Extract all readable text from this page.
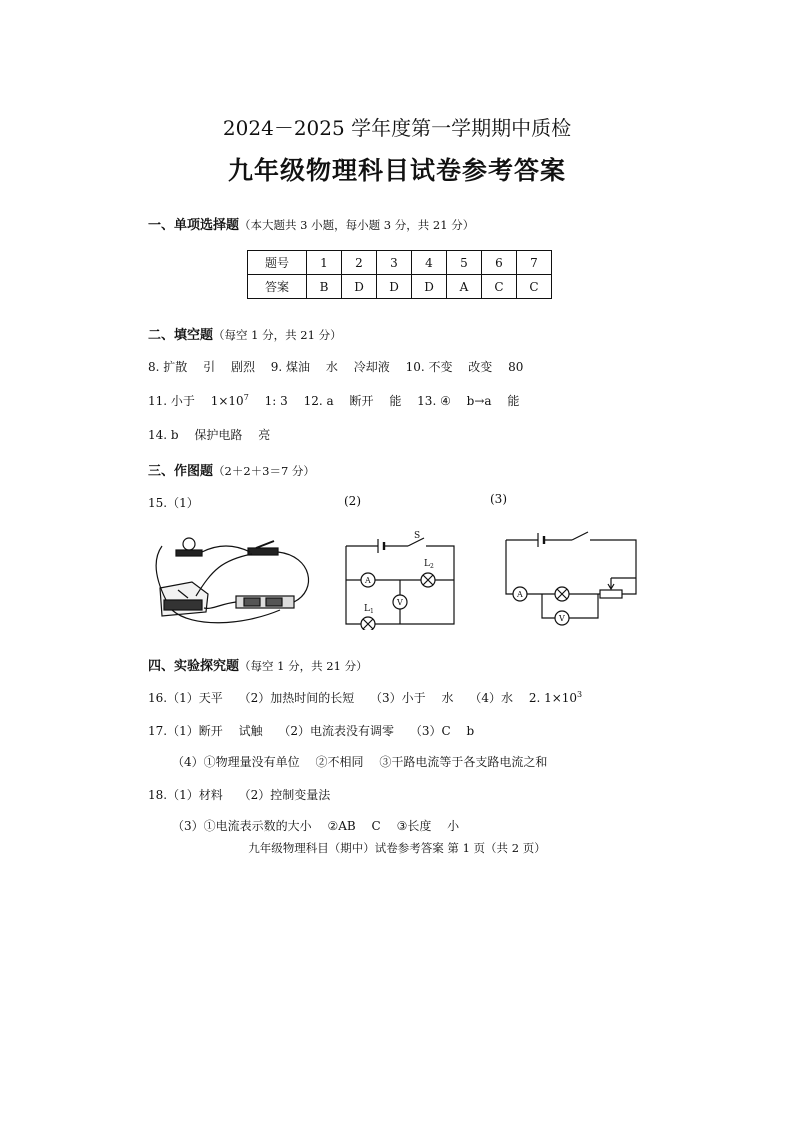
2024－2025 学年度第一学期期中质检
九年级物理科目试卷参考答案
一、单项选择题（本大题共 3 小题，每小题 3 分，共 21 分）
题号	1	2	3	4	5	6	7
答案	B	D	D	D	A	C	C
二、填空题（每空 1 分，共 21 分）
8. 扩散 引 剧烈 9. 煤油 水 冷却液 10. 不变 改变 80
11. 小于 $1\times 10^7$ 1: 3 12. a 断开 能 13. ④ b→a 能
14. b 保护电路 亮
三、作图题（2＋2＋3＝7 分）
15.（1）	(2)	(3)
S
$L_2$
$L_1$
A
V
A
V
四、实验探究题（每空 1 分，共 21 分）
16.（1）天平 （2）加热时间的长短 （3）小于 水 （4）水 2. $1\times 10^3$
17.（1）断开 试触 （2）电流表没有调零 （3）C b
（4）①物理量没有单位 ②不相同 ③干路电流等于各支路电流之和
18.（1）材料 （2）控制变量法
（3）①电流表示数的大小 ②AB C ③长度 小
九年级物理科目（期中）试卷参考答案 第 1 页（共 2 页）
